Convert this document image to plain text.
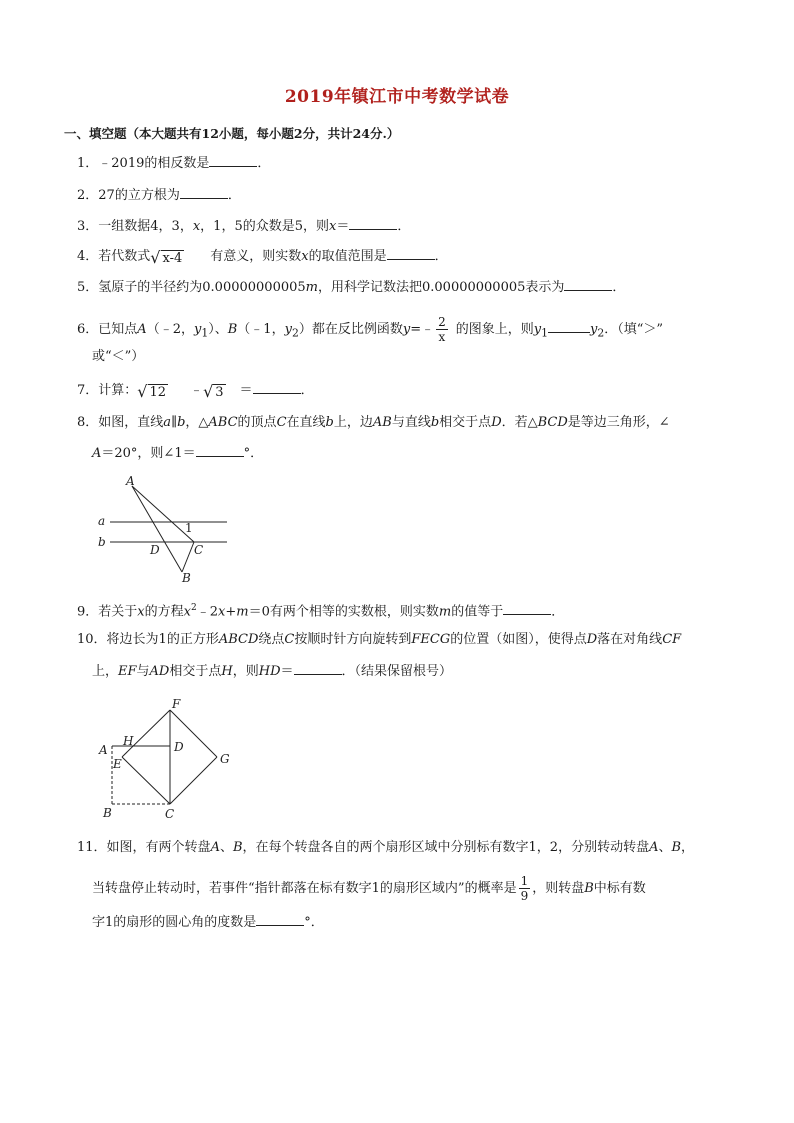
2019年镇江市中考数学试卷
一、填空题（本大题共有12小题，每小题2分，共计24分.）
1．﹣2019的相反数是	．
2．27的立方根为	．
3．一组数据4，3，x，1，5的众数是5，则x＝	．
4．若代数式 √ x-4 有意义，则实数x的取值范围是	．
5．氢原子的半径约为0.00000000005m，用科学记数法把0.00000000005表示为	．
6．已知点A（﹣2，$y_1$）、B（﹣1，$y_2$）都在反比例函数y=﹣ $\frac{2}{x}$ 的图象上，则$y_1$	$y_2$．（填“＞”
或“＜”）
7．计算： √ 12 ﹣ √ 3 ＝	．
8．如图，直线a∥b，△ABC的顶点C在直线b上，边AB与直线b相交于点D．若△BCD是等边三角形，∠
A＝20°，则∠1＝	°．
A
a
b
1
D	C
B
9．若关于x的方程$x^2﹣2x+m=0$有两个相等的实数根，则实数m的值等于	．
10．将边长为1的正方形ABCD绕点C按顺时针方向旋转到FECG的位置（如图），使得点D落在对角线CF
上，EF与AD相交于点H，则HD＝	．（结果保留根号）
F
A
H	D
E	G
B	C
11．如图，有两个转盘A、B，在每个转盘各自的两个扇形区域中分别标有数字1，2，分别转动转盘A、B，
当转盘停止转动时，若事件“指针都落在标有数字1的扇形区域内”的概率是 $\frac{1}{9}$ ，则转盘B中标有数
字1的扇形的圆心角的度数是	°．
